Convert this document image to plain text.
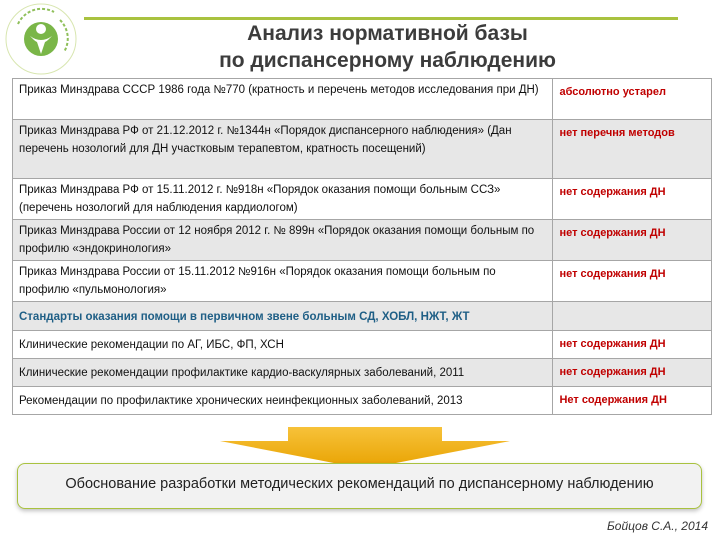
Анализ нормативной базы
по диспансерному наблюдению
Приказ Минздрава СССР 1986 года №770 (кратность и перечень методов исследования при ДН)	абсолютно устарел
Приказ Минздрава РФ от 21.12.2012 г. №1344н «Порядок диспансерного наблюдения» (Дан перечень нозологий для ДН участковым терапевтом, кратность посещений)	нет перечня методов
Приказ Минздрава РФ от 15.11.2012 г. №918н «Порядок оказания помощи больным ССЗ» (перечень нозологий для наблюдения кардиологом)	нет содержания ДН
Приказ Минздрава России от 12 ноября 2012 г. № 899н «Порядок оказания помощи больным по профилю «эндокринология»	нет содержания ДН
Приказ Минздрава России от 15.11.2012 №916н «Порядок оказания помощи больным по профилю «пульмонология»	нет содержания ДН
Стандарты оказания помощи в первичном звене больным СД, ХОБЛ, НЖТ, ЖТ	
Клинические рекомендации по АГ, ИБС, ФП, ХСН	нет содержания ДН
Клинические рекомендации профилактике кардио-васкулярных заболеваний, 2011	нет содержания ДН
Рекомендации по профилактике хронических неинфекционных заболеваний, 2013	Нет содержания ДН
Обоснование разработки методических рекомендаций по диспансерному наблюдению
Бойцов С.А., 2014
